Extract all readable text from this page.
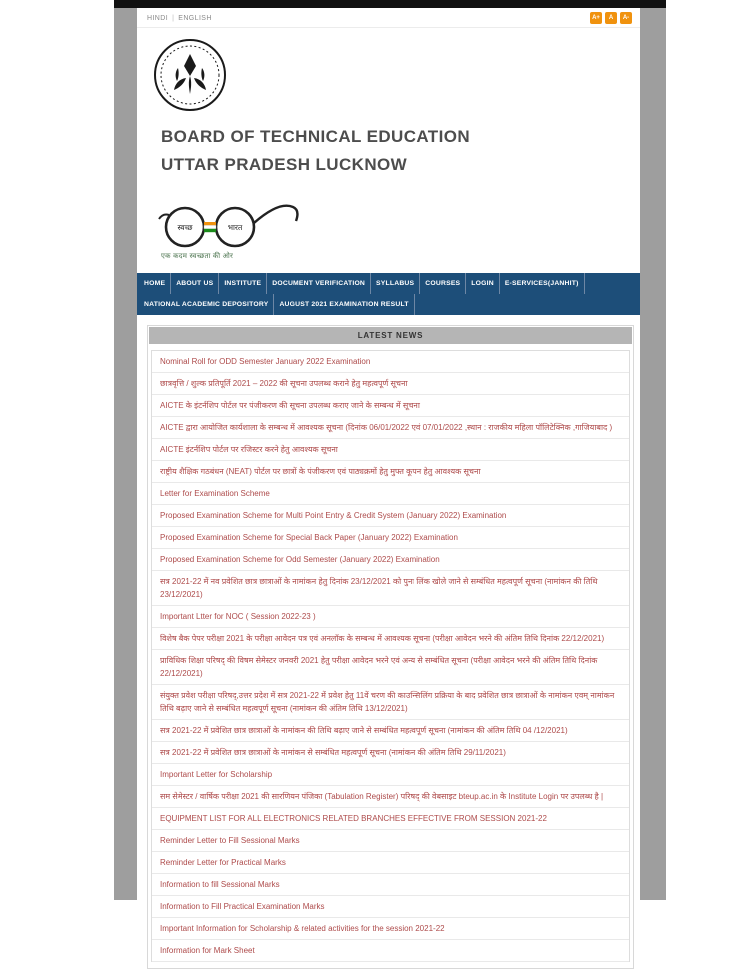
HINDI | ENGLISH	A+	A	A-
BOARD OF TECHNICAL EDUCATION
UTTAR PRADESH LUCKNOW
स्वच्छ	भारत
एक कदम स्वच्छता की ओर
HOME	ABOUT US	INSTITUTE	DOCUMENT VERIFICATION	SYLLABUS	COURSES	LOGIN	E-SERVICES(JANHIT)
NATIONAL ACADEMIC DEPOSITORY	AUGUST 2021 EXAMINATION RESULT
LATEST NEWS
Nominal Roll for ODD Semester January 2022 Examination
छात्रवृत्ति / शुल्क प्रतिपूर्ति 2021 – 2022 की सूचना उपलब्ध कराने हेतु महत्वपूर्ण सूचना
AICTE के इंटर्नशिप पोर्टल पर पंजीकरण की सूचना उपलब्ध कराए जाने के सम्बन्ध में सूचना
AICTE द्वारा आयोजित कार्यशाला के सम्बन्ध में आवश्यक सूचना (दिनांक 06/01/2022 एवं 07/01/2022 ,स्थान : राजकीय महिला पॉलिटेक्निक ,गाजियाबाद )
AICTE इंटर्नशिप पोर्टल पर रजिस्टर करने हेतु आवश्यक सूचना
राष्ट्रीय शैक्षिक गठबंधन (NEAT) पोर्टल पर छात्रों के पंजीकरण एवं पाठ्यक्रमों हेतु मुफ्त कूपन हेतु आवश्यक सूचना
Letter for Examination Scheme
Proposed Examination Scheme for Multi Point Entry & Credit System (January 2022) Examination
Proposed Examination Scheme for Special Back Paper (January 2022) Examination
Proposed Examination Scheme for Odd Semester (January 2022) Examination
सत्र 2021-22 में नव प्रवेशित छात्र छात्राओं के नामांकन हेतु दिनांक 23/12/2021 को पुनः लिंक खोले जाने से सम्बंधित महत्वपूर्ण सूचना (नामांकन की तिथि 23/12/2021)
Important Ltter for NOC ( Session 2022-23 )
विशेष बैक पेपर परीक्षा 2021 के परीक्षा आवेदन पत्र एवं अनलॉक के सम्बन्ध में आवश्यक सूचना (परीक्षा आवेदन भरने की अंतिम तिथि दिनांक 22/12/2021)
प्राविधिक शिक्षा परिषद् की विषम सेमेस्टर जनवरी 2021 हेतु परीक्षा आवेदन भरने एवं अन्य से सम्बंधित सूचना (परीक्षा आवेदन भरने की अंतिम तिथि दिनांक 22/12/2021)
संयुक्त प्रवेश परीक्षा परिषद्,उत्तर प्रदेश में सत्र 2021-22 में प्रवेश हेतु 11वें चरण की काउन्सिलिंग प्रक्रिया के बाद प्रवेशित छात्र छात्राओं के नामांकन एवम् नामांकन तिथि बढ़ाए जाने से सम्बंधित महत्वपूर्ण सूचना (नामांकन की अंतिम तिथि 13/12/2021)
सत्र 2021-22 में प्रवेशित छात्र छात्राओं के नामांकन की तिथि बढ़ाए जाने से सम्बंधित महत्वपूर्ण सूचना (नामांकन की अंतिम तिथि 04 /12/2021)
सत्र 2021-22 में प्रवेशित छात्र छात्राओं के नामांकन से सम्बंधित महत्वपूर्ण सूचना (नामांकन की अंतिम तिथि 29/11/2021)
Important Letter for Scholarship
सम सेमेस्टर / वार्षिक परीक्षा 2021 की सारणियन पंजिका (Tabulation Register) परिषद् की वेबसाइट bteup.ac.in के Institute Login पर उपलब्ध है |
EQUIPMENT LIST FOR ALL ELECTRONICS RELATED BRANCHES EFFECTIVE FROM SESSION 2021-22
Reminder Letter to Fill Sessional Marks
Reminder Letter for Practical Marks
Information to fill Sessional Marks
Information to Fill Practical Examination Marks
Important Information for Scholarship & related activities for the session 2021-22
Information for Mark Sheet
